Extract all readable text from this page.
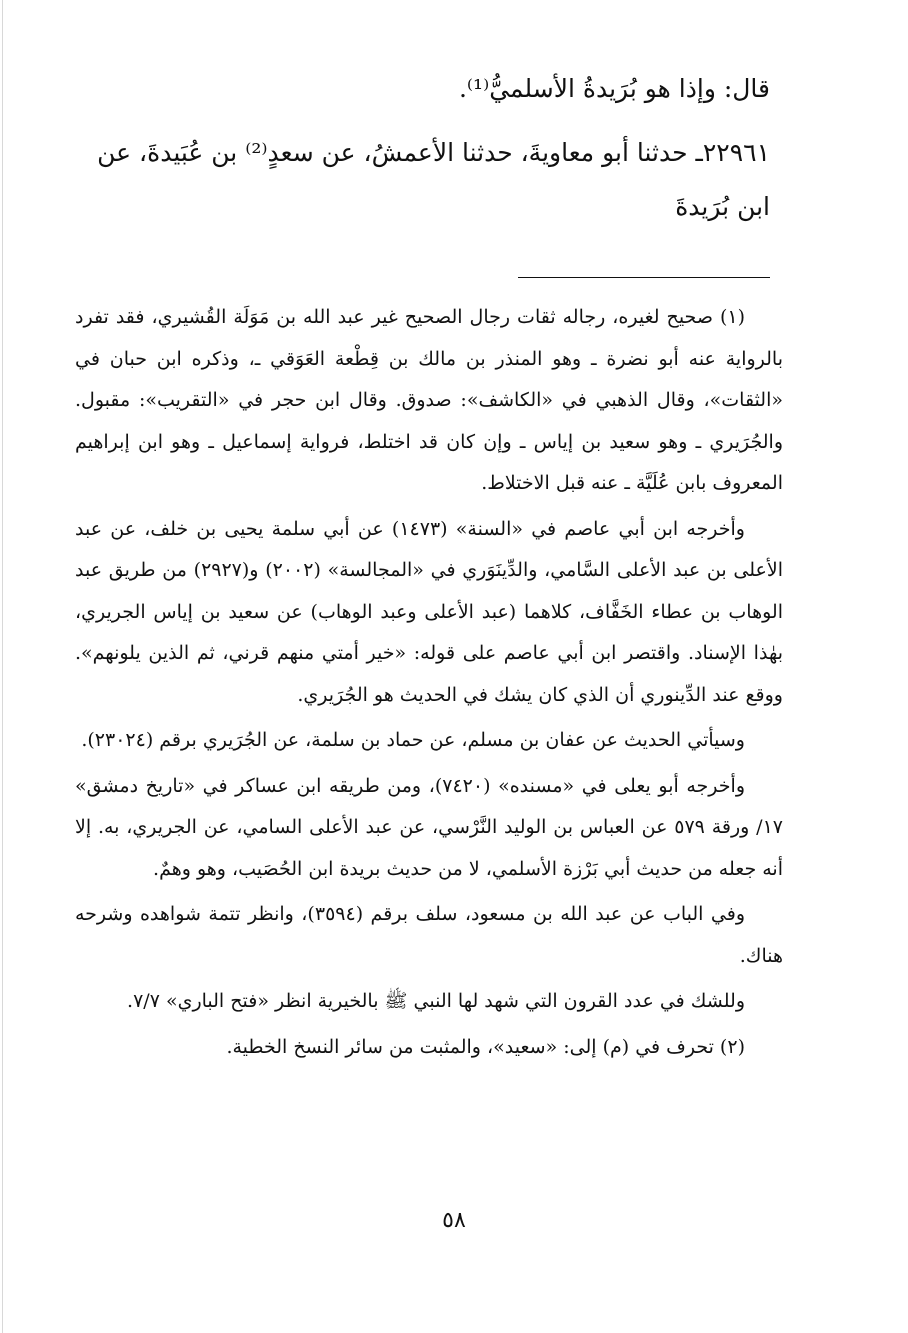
قال: وإذا هو بُرَيدةُ الأسلميُّ⁽¹⁾.

٢٢٩٦١ـ حدثنا أبو معاويةَ، حدثنا الأعمشُ، عن سعدٍ⁽²⁾ بن عُبَيدةَ، عن ابن بُرَيدةَ

(١) صحيح لغيره، رجاله ثقات رجال الصحيح غير عبد الله بن مَوَلَة القُشيري، فقد تفرد بالرواية عنه أبو نضرة ـ وهو المنذر بن مالك بن قِطْعة العَوَقي ـ، وذكره ابن حبان في «الثقات»، وقال الذهبي في «الكاشف»: صدوق. وقال ابن حجر في «التقريب»: مقبول. والجُرَيري ـ وهو سعيد بن إياس ـ وإن كان قد اختلط، فرواية إسماعيل ـ وهو ابن إبراهيم المعروف بابن عُلَيَّة ـ عنه قبل الاختلاط.

وأخرجه ابن أبي عاصم في «السنة» (١٤٧٣) عن أبي سلمة يحيى بن خلف، عن عبد الأعلى بن عبد الأعلى السَّامي، والدِّينَوَري في «المجالسة» (٢٠٠٢) و(٢٩٢٧) من طريق عبد الوهاب بن عطاء الخَفَّاف، كلاهما (عبد الأعلى وعبد الوهاب) عن سعيد بن إياس الجريري، بهٰذا الإسناد. واقتصر ابن أبي عاصم على قوله: «خير أمتي منهم قرني، ثم الذين يلونهم». ووقع عند الدِّينوري أن الذي كان يشك في الحديث هو الجُرَيري.

وسيأتي الحديث عن عفان بن مسلم، عن حماد بن سلمة، عن الجُرَيري برقم (٢٣٠٢٤).

وأخرجه أبو يعلى في «مسنده» (٧٤٢٠)، ومن طريقه ابن عساكر في «تاريخ دمشق» ١٧/ ورقة ٥٧٩ عن العباس بن الوليد النَّرْسي، عن عبد الأعلى السامي، عن الجريري، به. إلا أنه جعله من حديث أبي بَرْزة الأسلمي، لا من حديث بريدة ابن الحُصَيب، وهو وهمٌ.

وفي الباب عن عبد الله بن مسعود، سلف برقم (٣٥٩٤)، وانظر تتمة شواهده وشرحه هناك.

وللشك في عدد القرون التي شهد لها النبي ﷺ بالخيرية انظر «فتح الباري» ٧/٧.

(٢) تحرف في (م) إلى: «سعيد»، والمثبت من سائر النسخ الخطية.

٥٨
